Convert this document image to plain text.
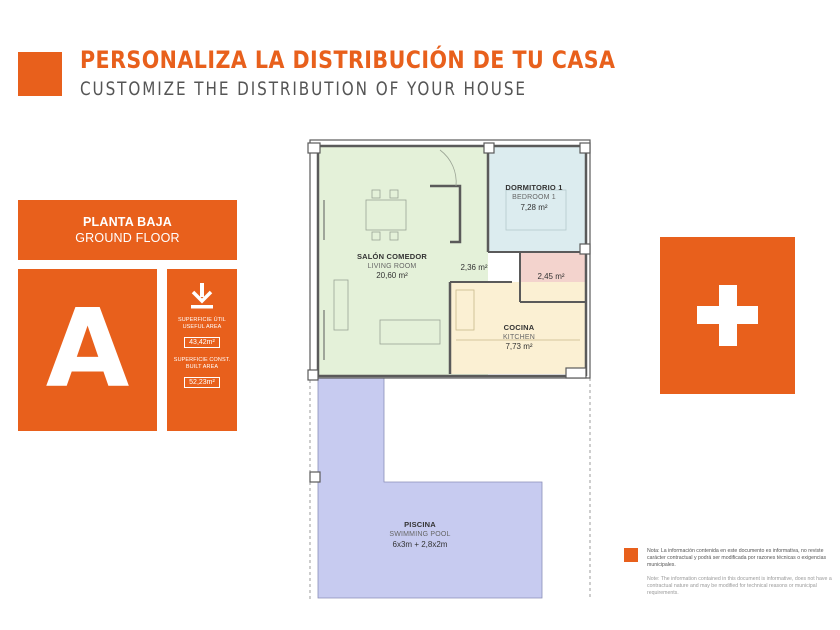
PERSONALIZA LA DISTRIBUCIÓN DE TU CASA
CUSTOMIZE THE DISTRIBUTION OF YOUR HOUSE
PLANTA BAJA
GROUND FLOOR
A	SUPERFICIE ÚTIL
USEFUL AREA
43,42m²
SUPERFICIE CONST.
BUILT AREA
52,23m²
SALÓN COMEDOR
LIVING ROOM
20,60 m²
DORMITORIO 1
BEDROOM 1
7,28 m²
2,36 m²
2,45 m²
COCINA
KITCHEN
7,73 m²
PISCINA
SWIMMING POOL
6x3m + 2,8x2m
Nota: La información contenida en este documento es informativa, no reviste carácter contractual y podrá ser modificada por razones técnicas o exigencias municipales.
Note: The information contained in this document is informative, does not have a contractual nature and may be modified for technical reasons or municipal requirements.
